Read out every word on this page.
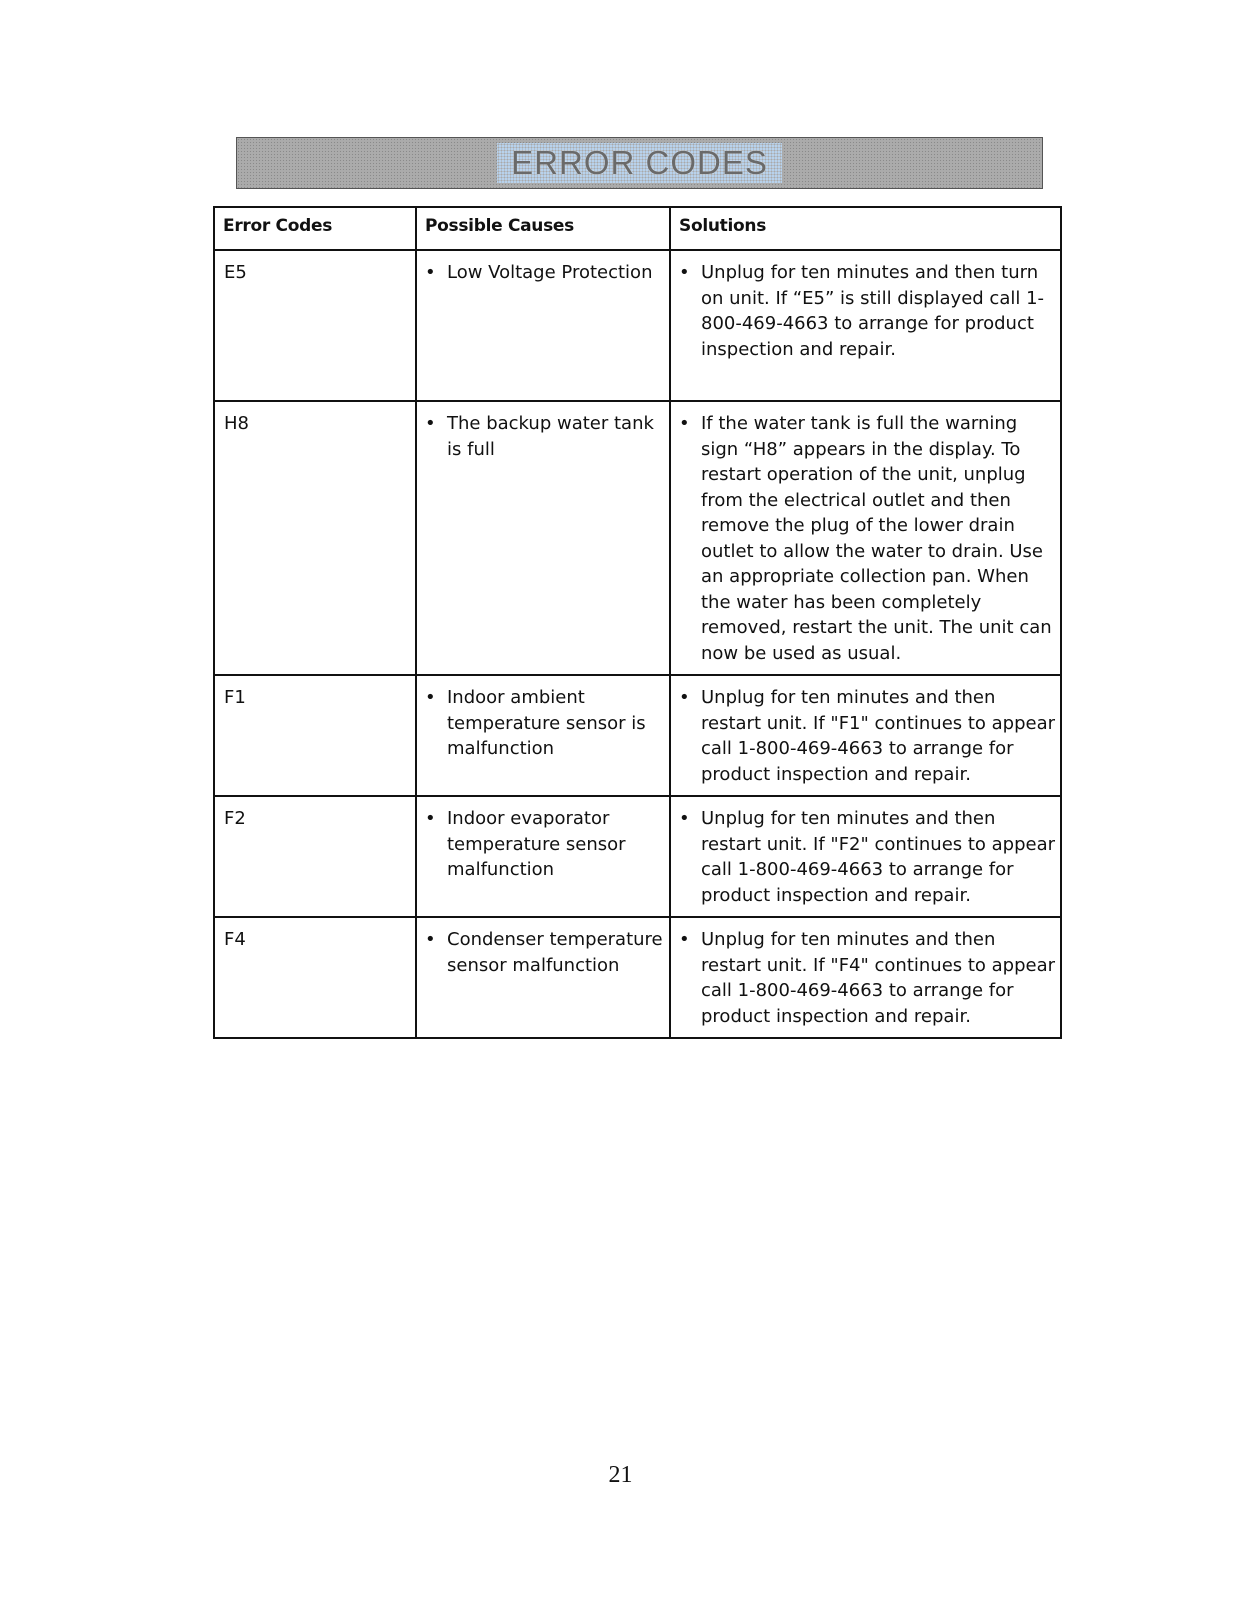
ERROR CODES
Error Codes	Possible Causes	Solutions
E5	• Low Voltage Protection	• Unplug for ten minutes and then turn on unit. If “E5” is still displayed call 1-800-469-4663 to arrange for product inspection and repair.
H8	• The backup water tank is full	• If the water tank is full the warning sign “H8” appears in the display. To restart operation of the unit, unplug from the electrical outlet and then remove the plug of the lower drain outlet to allow the water to drain. Use an appropriate collection pan. When the water has been completely removed, restart the unit. The unit can now be used as usual.
F1	• Indoor ambient temperature sensor is malfunction	• Unplug for ten minutes and then restart unit. If "F1" continues to appear call 1-800-469-4663 to arrange for product inspection and repair.
F2	• Indoor evaporator temperature sensor malfunction	• Unplug for ten minutes and then restart unit. If "F2" continues to appear call 1-800-469-4663 to arrange for product inspection and repair.
F4	• Condenser temperature sensor malfunction	• Unplug for ten minutes and then restart unit. If "F4" continues to appear call 1-800-469-4663 to arrange for product inspection and repair.
21
